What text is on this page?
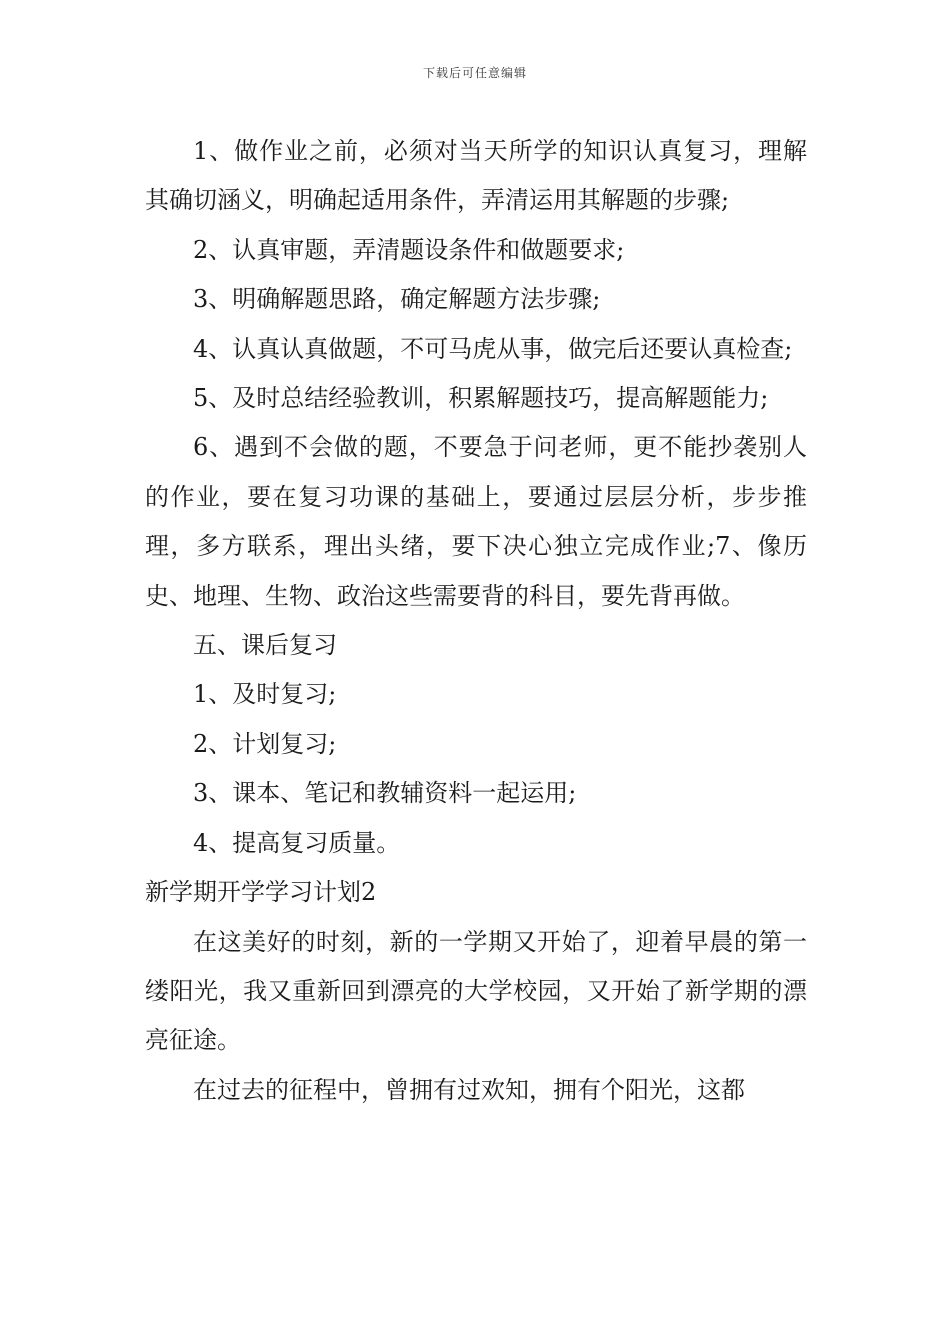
下载后可任意编辑

1、做作业之前，必须对当天所学的知识认真复习，理解其确切涵义，明确起适用条件，弄清运用其解题的步骤;

2、认真审题，弄清题设条件和做题要求;

3、明确解题思路，确定解题方法步骤;

4、认真认真做题，不可马虎从事，做完后还要认真检查;

5、及时总结经验教训，积累解题技巧，提高解题能力;

6、遇到不会做的题，不要急于问老师，更不能抄袭别人的作业，要在复习功课的基础上，要通过层层分析，步步推理，多方联系，理出头绪，要下决心独立完成作业;7、像历史、地理、生物、政治这些需要背的科目，要先背再做。

五、课后复习

1、及时复习;

2、计划复习;

3、课本、笔记和教辅资料一起运用;

4、提高复习质量。

新学期开学学习计划2

在这美好的时刻，新的一学期又开始了，迎着早晨的第一缕阳光，我又重新回到漂亮的大学校园，又开始了新学期的漂亮征途。

在过去的征程中，曾拥有过欢知，拥有个阳光，这都
